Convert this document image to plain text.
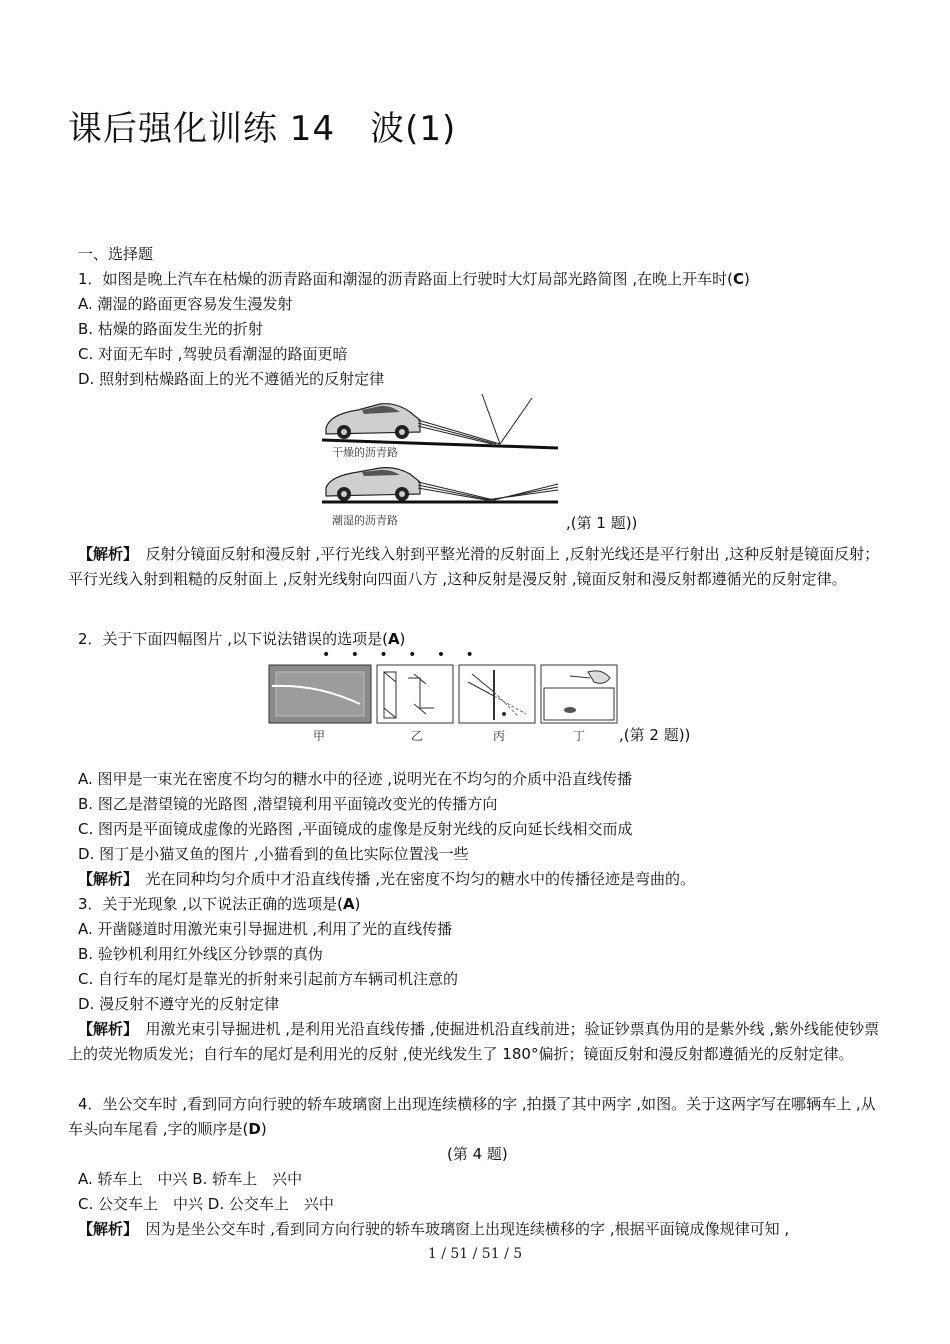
课后强化训练 14　波(1)
一、选择题
1．如图是晚上汽车在枯燥的沥青路面和潮湿的沥青路面上行驶时大灯局部光路简图 ,在晚上开车时(C)
A. 潮湿的路面更容易发生漫发射
B. 枯燥的路面发生光的折射
C. 对面无车时 ,驾驶员看潮湿的路面更暗
D. 照射到枯燥路面上的光不遵循光的反射定律
干燥的沥青路
潮湿的沥青路	,(第 1 题))
【解析】　反射分镜面反射和漫反射 ,平行光线入射到平整光滑的反射面上 ,反射光线还是平行射出 ,这种反射是镜面反射；平行光线入射到粗糙的反射面上 ,反射光线射向四面八方 ,这种反射是漫反射 ,镜面反射和漫反射都遵循光的反射定律。
2．关于下面四幅图片 ,以下说法错误的选项是(A)
• • • • • •
甲	乙	丙	丁 ,(第 2 题))
A. 图甲是一束光在密度不均匀的糖水中的径迹 ,说明光在不均匀的介质中沿直线传播
B. 图乙是潜望镜的光路图 ,潜望镜利用平面镜改变光的传播方向
C. 图丙是平面镜成虚像的光路图 ,平面镜成的虚像是反射光线的反向延长线相交而成
D. 图丁是小猫叉鱼的图片 ,小猫看到的鱼比实际位置浅一些
【解析】　光在同种均匀介质中才沿直线传播 ,光在密度不均匀的糖水中的传播径迹是弯曲的。
3．关于光现象 ,以下说法正确的选项是(A)
A. 开凿隧道时用激光束引导掘进机 ,利用了光的直线传播
B. 验钞机利用红外线区分钞票的真伪
C. 自行车的尾灯是靠光的折射来引起前方车辆司机注意的
D. 漫反射不遵守光的反射定律
【解析】　用激光束引导掘进机 ,是利用光沿直线传播 ,使掘进机沿直线前进；验证钞票真伪用的是紫外线 ,紫外线能使钞票上的荧光物质发光；自行车的尾灯是利用光的反射 ,使光线发生了 180°偏折；镜面反射和漫反射都遵循光的反射定律。
4．坐公交车时 ,看到同方向行驶的轿车玻璃窗上出现连续横移的字 ,拍摄了其中两字 ,如图。关于这两字写在哪辆车上 ,从车头向车尾看 ,字的顺序是(D)
(第 4 题)
A. 轿车上　中兴 B. 轿车上　兴中
C. 公交车上　中兴 D. 公交车上　兴中
【解析】　因为是坐公交车时 ,看到同方向行驶的轿车玻璃窗上出现连续横移的字 ,根据平面镜成像规律可知 ,
1 / 51 / 51 / 5
